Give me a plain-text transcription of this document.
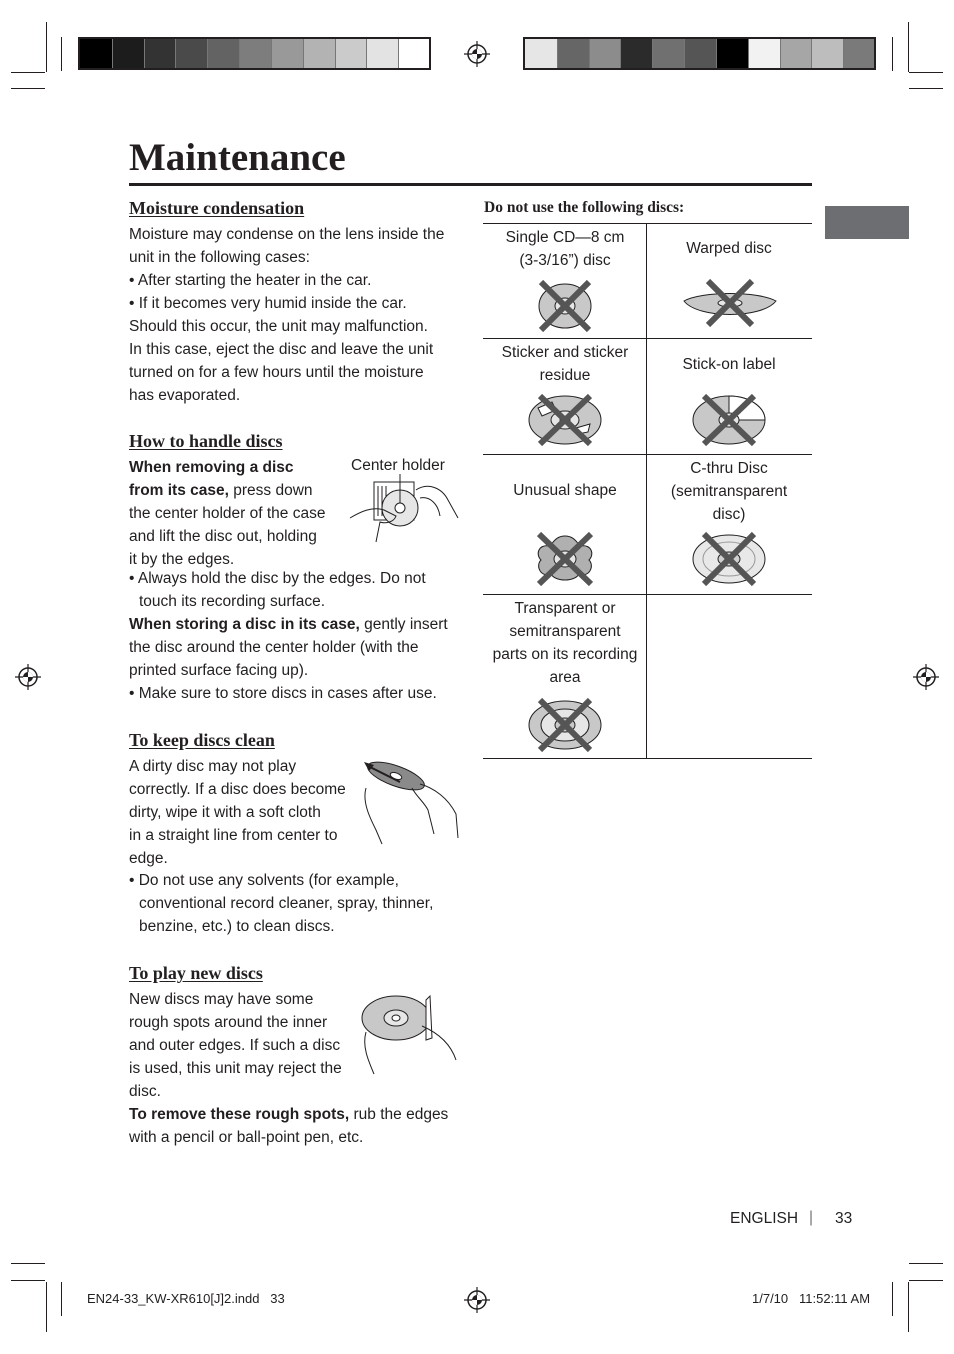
Maintenance
Moisture condensation

Moisture may condense on the lens inside the

unit in the following cases:

• After starting the heater in the car.

• If it becomes very humid inside the car.

Should this occur, the unit may malfunction.

In this case, eject the disc and leave the unit

turned on for a few hours until the moisture

has evaporated.

How to handle discs
Center holder

When removing a disc

from its case, press down

the center holder of the case

and lift the disc out, holding

it by the edges.

• Always hold the disc by the edges. Do not

touch its recording surface.

When storing a disc in its case, gently insert

the disc around the center holder (with the

printed surface facing up).

• Make sure to store discs in cases after use.

To keep discs clean

A dirty disc may not play

correctly. If a disc does become

dirty, wipe it with a soft cloth

in a straight line from center to

edge.

• Do not use any solvents (for example,

conventional record cleaner, spray, thinner,

benzine, etc.) to clean discs.

To play new discs

New discs may have some

rough spots around the inner

and outer edges. If such a disc

is used, this unit may reject the

disc.

To remove these rough spots, rub the edges

with a pencil or ball-point pen, etc.

Do not use the following discs:
Single CD—8 cm
(3-3/16”) disc
Warped disc
Sticker and sticker
residue
Stick-on label
Unusual shape
C-thru Disc
(semitransparent
disc)
Transparent or
semitransparent
parts on its recording
area
ENGLISH | 33
EN24-33_KW-XR610[J]2.indd   33	1/7/10   11:52:11 AM
